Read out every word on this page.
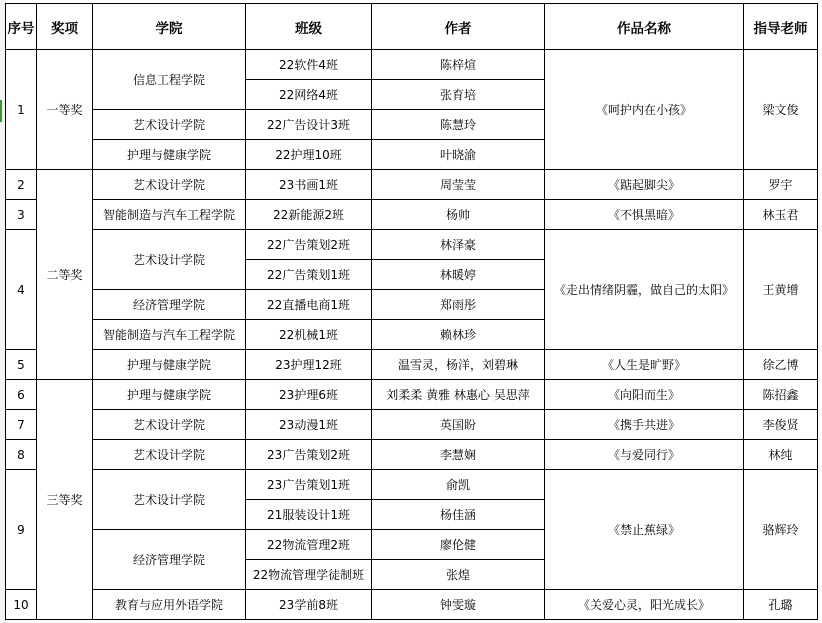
序号	奖项	学院	班级	作者	作品名称	指导老师
1	一等奖	信息工程学院	22软件4班	陈梓煊	《呵护内在小孩》	梁文俊
			22网络4班	张育培		
		艺术设计学院	22广告设计3班	陈慧玲		
		护理与健康学院	22护理10班	叶晓渝		
2	二等奖	艺术设计学院	23书画1班	周莹莹	《踮起脚尖》	罗宇
3		智能制造与汽车工程学院	22新能源2班	杨帅	《不惧黑暗》	林玉君
4		艺术设计学院	22广告策划2班	林泽豪	《走出情绪阴霾，做自己的太阳》	王黄增
			22广告策划1班	林暖婷		
		经济管理学院	22直播电商1班	郑雨彤		
		智能制造与汽车工程学院	22机械1班	赖林珍		
5		护理与健康学院	23护理12班	温雪灵，杨洋，刘碧琳	《人生是旷野》	徐乙博
6	三等奖	护理与健康学院	23护理6班	刘柔柔 黄雅 林惠心 吴思萍	《向阳而生》	陈招鑫
7		艺术设计学院	23动漫1班	英国盼	《携手共进》	李俊贤
8		艺术设计学院	23广告策划2班	李慧娴	《与爱同行》	林纯
9		艺术设计学院	23广告策划1班	俞凯	《禁止蕉绿》	骆辉玲
			21服装设计1班	杨佳涵		
		经济管理学院	22物流管理2班	廖伦健		
			22物流管理学徒制班	张煌		
10		教育与应用外语学院	23学前8班	钟雯璇	《关爱心灵，阳光成长》	孔璐
